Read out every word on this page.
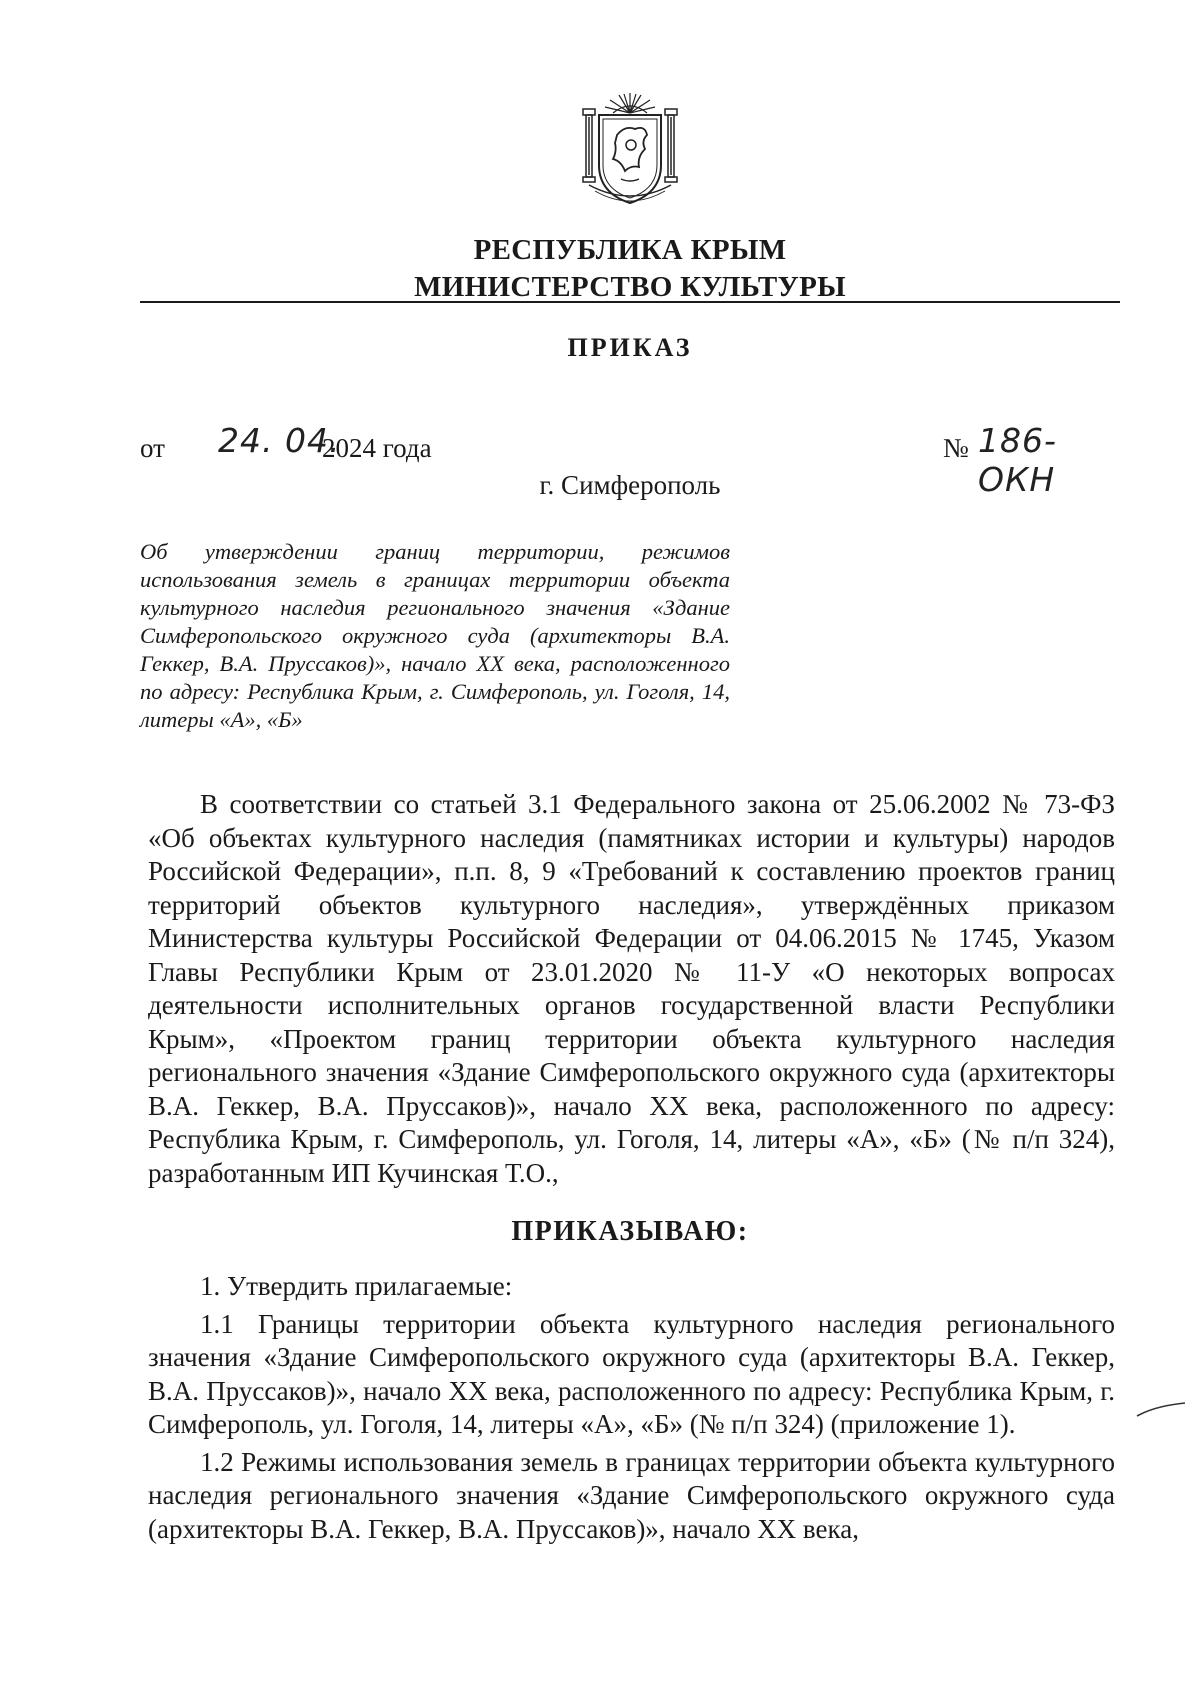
РЕСПУБЛИКА КРЫМ
МИНИСТЕРСТВО КУЛЬТУРЫ
ПРИКАЗ
от 24. 04.
2024 года	№ 186-ОКН
г. Симферополь
Об утверждении границ территории, режимов использования земель в границах территории объекта культурного наследия регионального значения «Здание Симферопольского окружного суда (архитекторы В.А. Геккер, В.А. Пруссаков)», начало XX века, расположенного по адресу: Республика Крым, г. Симферополь, ул. Гоголя, 14, литеры «А», «Б»

В соответствии со статьей 3.1 Федерального закона от 25.06.2002 № 73-ФЗ «Об объектах культурного наследия (памятниках истории и культуры) народов Российской Федерации», п.п. 8, 9 «Требований к составлению проектов границ территорий объектов культурного наследия», утверждённых приказом Министерства культуры Российской Федерации от 04.06.2015 № 1745, Указом Главы Республики Крым от 23.01.2020 № 11-У «О некоторых вопросах деятельности исполнительных органов государственной власти Республики Крым», «Проектом границ территории объекта культурного наследия регионального значения «Здание Симферопольского окружного суда (архитекторы В.А. Геккер, В.А. Пруссаков)», начало XX века, расположенного по адресу: Республика Крым, г. Симферополь, ул. Гоголя, 14, литеры «А», «Б» (№ п/п 324), разработанным ИП Кучинская Т.О.,

ПРИКАЗЫВАЮ:

1. Утвердить прилагаемые:

1.1 Границы территории объекта культурного наследия регионального значения «Здание Симферопольского окружного суда (архитекторы В.А. Геккер, В.А. Пруссаков)», начало XX века, расположенного по адресу: Республика Крым, г. Симферополь, ул. Гоголя, 14, литеры «А», «Б» (№ п/п 324) (приложение 1).

1.2 Режимы использования земель в границах территории объекта культурного наследия регионального значения «Здание Симферопольского окружного суда (архитекторы В.А. Геккер, В.А. Пруссаков)», начало XX века,
